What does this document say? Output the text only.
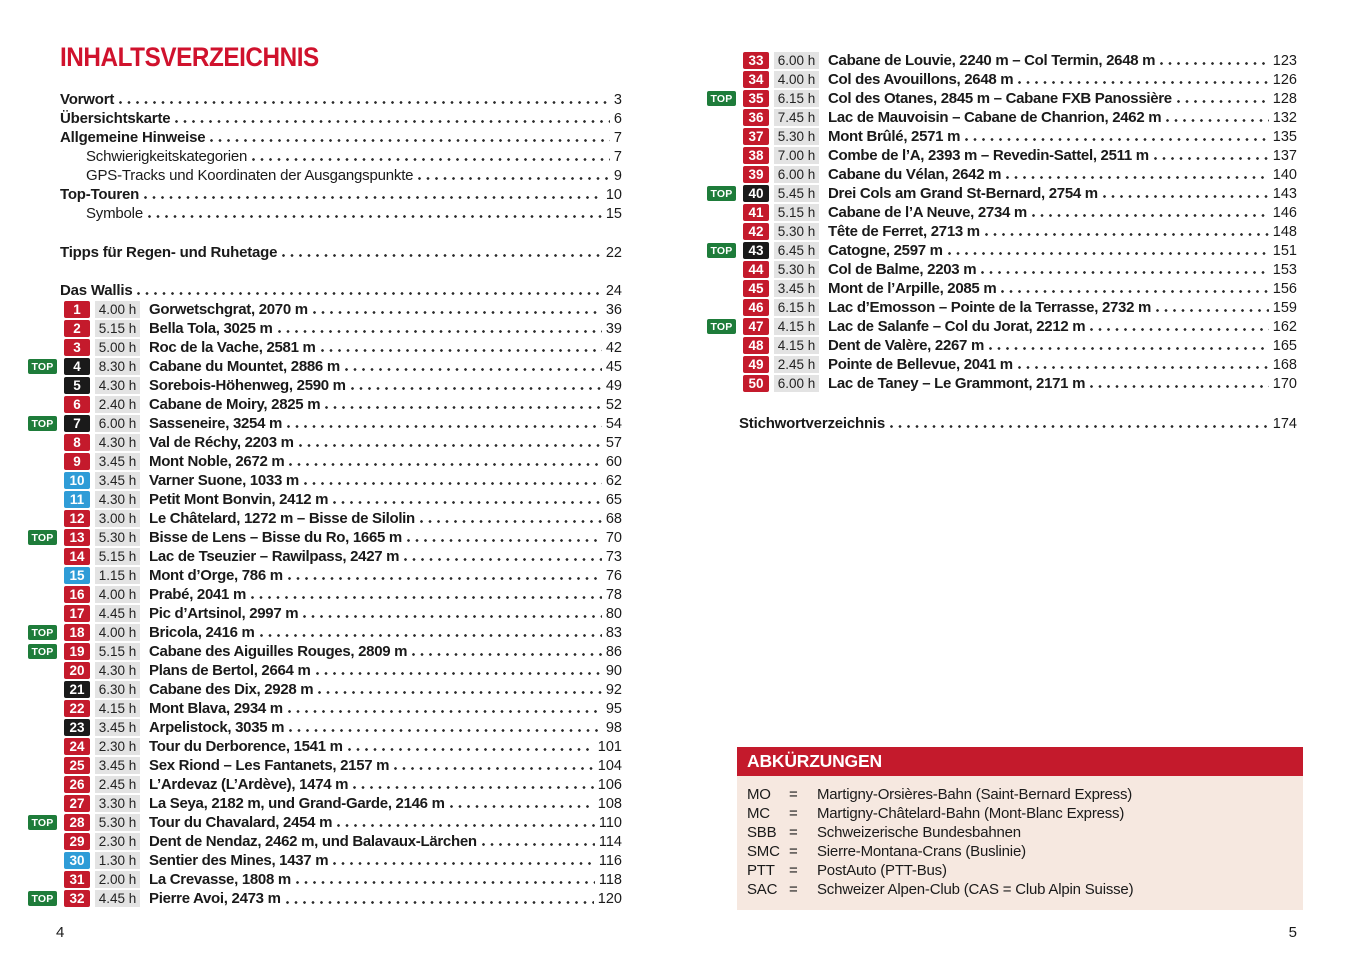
INHALTSVERZEICHNIS
Vorwort	3
Übersichtskarte	6
Allgemeine Hinweise	7
Schwierigkeitskategorien	7
GPS-Tracks und Koordinaten der Ausgangspunkte	9
Top-Touren	10
Symbole	15
Tipps für Regen- und Ruhetage	22
Das Wallis	24
1	4.00 h Gorwetschgrat, 2070 m	36
2	5.15 h Bella Tola, 3025 m	39
3	5.00 h Roc de la Vache, 2581 m	42
TOP	4	8.30 h Cabane du Mountet, 2886 m	45
5	4.30 h Sorebois-Höhenweg, 2590 m	49
6	2.40 h Cabane de Moiry, 2825 m	52
TOP	7	6.00 h Sasseneire, 3254 m	54
8	4.30 h Val de Réchy, 2203 m	57
9	3.45 h Mont Noble, 2672 m	60
10	3.45 h Varner Suone, 1033 m	62
11	4.30 h Petit Mont Bonvin, 2412 m	65
12	3.00 h Le Châtelard, 1272 m – Bisse de Silolin	68
TOP	13	5.30 h Bisse de Lens – Bisse du Ro, 1665 m	70
14	5.15 h Lac de Tseuzier – Rawilpass, 2427 m	73
15	1.15 h Mont d’Orge, 786 m	76
16	4.00 h Prabé, 2041 m	78
17	4.45 h Pic d’Artsinol, 2997 m	80
TOP	18	4.00 h Bricola, 2416 m	83
TOP	19	5.15 h Cabane des Aiguilles Rouges, 2809 m	86
20	4.30 h Plans de Bertol, 2664 m	90
21	6.30 h Cabane des Dix, 2928 m	92
22	4.15 h Mont Blava, 2934 m	95
23	3.45 h Arpelistock, 3035 m	98
24	2.30 h Tour du Derborence, 1541 m	101
25	3.45 h Sex Riond – Les Fantanets, 2157 m	104
26	2.45 h L’Ardevaz (L’Ardève), 1474 m	106
27	3.30 h La Seya, 2182 m, und Grand-Garde, 2146 m	108
TOP	28	5.30 h Tour du Chavalard, 2454 m	110
29	2.30 h Dent de Nendaz, 2462 m, und Balavaux-Lärchen	114
30	1.30 h Sentier des Mines, 1437 m	116
31	2.00 h La Crevasse, 1808 m	118
TOP	32	4.45 h Pierre Avoi, 2473 m	120
33	6.00 h Cabane de Louvie, 2240 m – Col Termin, 2648 m	123
34	4.00 h Col des Avouillons, 2648 m	126
TOP	35	6.15 h Col des Otanes, 2845 m – Cabane FXB Panossière	128
36	7.45 h Lac de Mauvoisin – Cabane de Chanrion, 2462 m	132
37	5.30 h Mont Brûlé, 2571 m	135
38	7.00 h Combe de l’A, 2393 m – Revedin-Sattel, 2511 m	137
39	6.00 h Cabane du Vélan, 2642 m	140
TOP	40	5.45 h Drei Cols am Grand St-Bernard, 2754 m	143
41	5.15 h Cabane de l’A Neuve, 2734 m	146
42	5.30 h Tête de Ferret, 2713 m	148
TOP	43	6.45 h Catogne, 2597 m	151
44	5.30 h Col de Balme, 2203 m	153
45	3.45 h Mont de l’Arpille, 2085 m	156
46	6.15 h Lac d’Emosson – Pointe de la Terrasse, 2732 m	159
TOP	47	4.15 h Lac de Salanfe – Col du Jorat, 2212 m	162
48	4.15 h Dent de Valère, 2267 m	165
49	2.45 h Pointe de Bellevue, 2041 m	168
50	6.00 h Lac de Taney – Le Grammont, 2171 m	170
Stichwortverzeichnis	174
ABKÜRZUNGEN
MO	=	Martigny-Orsières-Bahn (Saint-Bernard Express)
MC	=	Martigny-Châtelard-Bahn (Mont-Blanc Express)
SBB =	Schweizerische Bundesbahnen
SMC =	Sierre-Montana-Crans (Buslinie)
PTT =	PostAuto (PTT-Bus)
SAC =	Schweizer Alpen-Club (CAS = Club Alpin Suisse)
4	5
